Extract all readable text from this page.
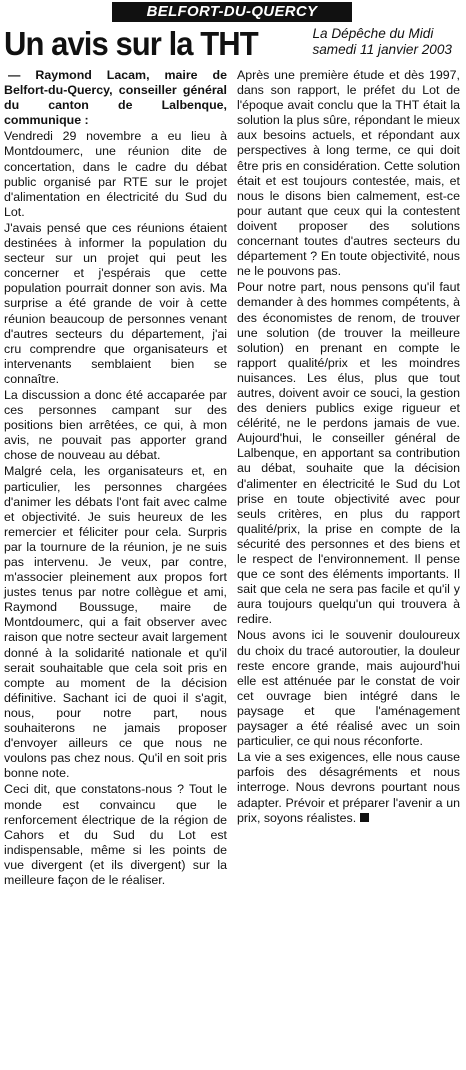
BELFORT-DU-QUERCY
Un avis sur la THT	La Dépêche du Midi
samedi 11 janvier 2003

— Raymond Lacam, maire de Belfort-du-Quercy, conseiller général du canton de Lalbenque, communique :

Vendredi 29 novembre a eu lieu à Montdoumerc, une réunion dite de concertation, dans le cadre du débat public organisé par RTE sur le projet d'alimentation en électricité du Sud du Lot.

J'avais pensé que ces réunions étaient destinées à informer la population du secteur sur un projet qui peut les concerner et j'espérais que cette population pourrait donner son avis. Ma surprise a été grande de voir à cette réunion beaucoup de personnes venant d'autres secteurs du département, j'ai cru comprendre que organisateurs et intervenants semblaient bien se connaître.

La discussion a donc été accaparée par ces personnes campant sur des positions bien arrêtées, ce qui, à mon avis, ne pouvait pas apporter grand chose de nouveau au débat.

Malgré cela, les organisateurs et, en particulier, les personnes chargées d'animer les débats l'ont fait avec calme et objectivité. Je suis heureux de les remercier et féliciter pour cela. Surpris par la tournure de la réunion, je ne suis pas intervenu. Je veux, par contre, m'associer pleinement aux propos fort justes tenus par notre collègue et ami, Raymond Boussuge, maire de Montdoumerc, qui a fait observer avec raison que notre secteur avait largement donné à la solidarité nationale et qu'il serait souhaitable que cela soit pris en compte au moment de la décision définitive. Sachant ici de quoi il s'agit, nous, pour notre part, nous souhaiterons ne jamais proposer d'envoyer ailleurs ce que nous ne voulons pas chez nous. Qu'il en soit pris bonne note.

Ceci dit, que constatons-nous ? Tout le monde est convaincu que le renforcement électrique de la région de Cahors et du Sud du Lot est indispensable, même si les points de vue divergent (et ils divergent) sur la meilleure façon de le réaliser.

Après une première étude et dès 1997, dans son rapport, le préfet du Lot de l'époque avait conclu que la THT était la solution la plus sûre, répondant le mieux aux besoins actuels, et répondant aux perspectives à long terme, ce qui doit être pris en considération. Cette solution était et est toujours contestée, mais, et nous le disons bien calmement, est-ce pour autant que ceux qui la contestent doivent proposer des solutions concernant toutes d'autres secteurs du département ? En toute objectivité, nous ne le pouvons pas.

Pour notre part, nous pensons qu'il faut demander à des hommes compétents, à des économistes de renom, de trouver une solution (de trouver la meilleure solution) en prenant en compte le rapport qualité/prix et les moindres nuisances. Les élus, plus que tout autres, doivent avoir ce souci, la gestion des deniers publics exige rigueur et célérité, ne le perdons jamais de vue. Aujourd'hui, le conseiller général de Lalbenque, en apportant sa contribution au débat, souhaite que la décision d'alimenter en électricité le Sud du Lot prise en toute objectivité avec pour seuls critères, en plus du rapport qualité/prix, la prise en compte de la sécurité des personnes et des biens et le respect de l'environnement. Il pense que ce sont des éléments importants. Il sait que cela ne sera pas facile et qu'il y aura toujours quelqu'un qui trouvera à redire.

Nous avons ici le souvenir douloureux du choix du tracé autoroutier, la douleur reste encore grande, mais aujourd'hui elle est atténuée par le constat de voir cet ouvrage bien intégré dans le paysage et que l'aménagement paysager a été réalisé avec un soin particulier, ce qui nous réconforte.

La vie a ses exigences, elle nous cause parfois des désagréments et nous interroge. Nous devrons pourtant nous adapter. Prévoir et préparer l'avenir a un prix, soyons réalistes.
